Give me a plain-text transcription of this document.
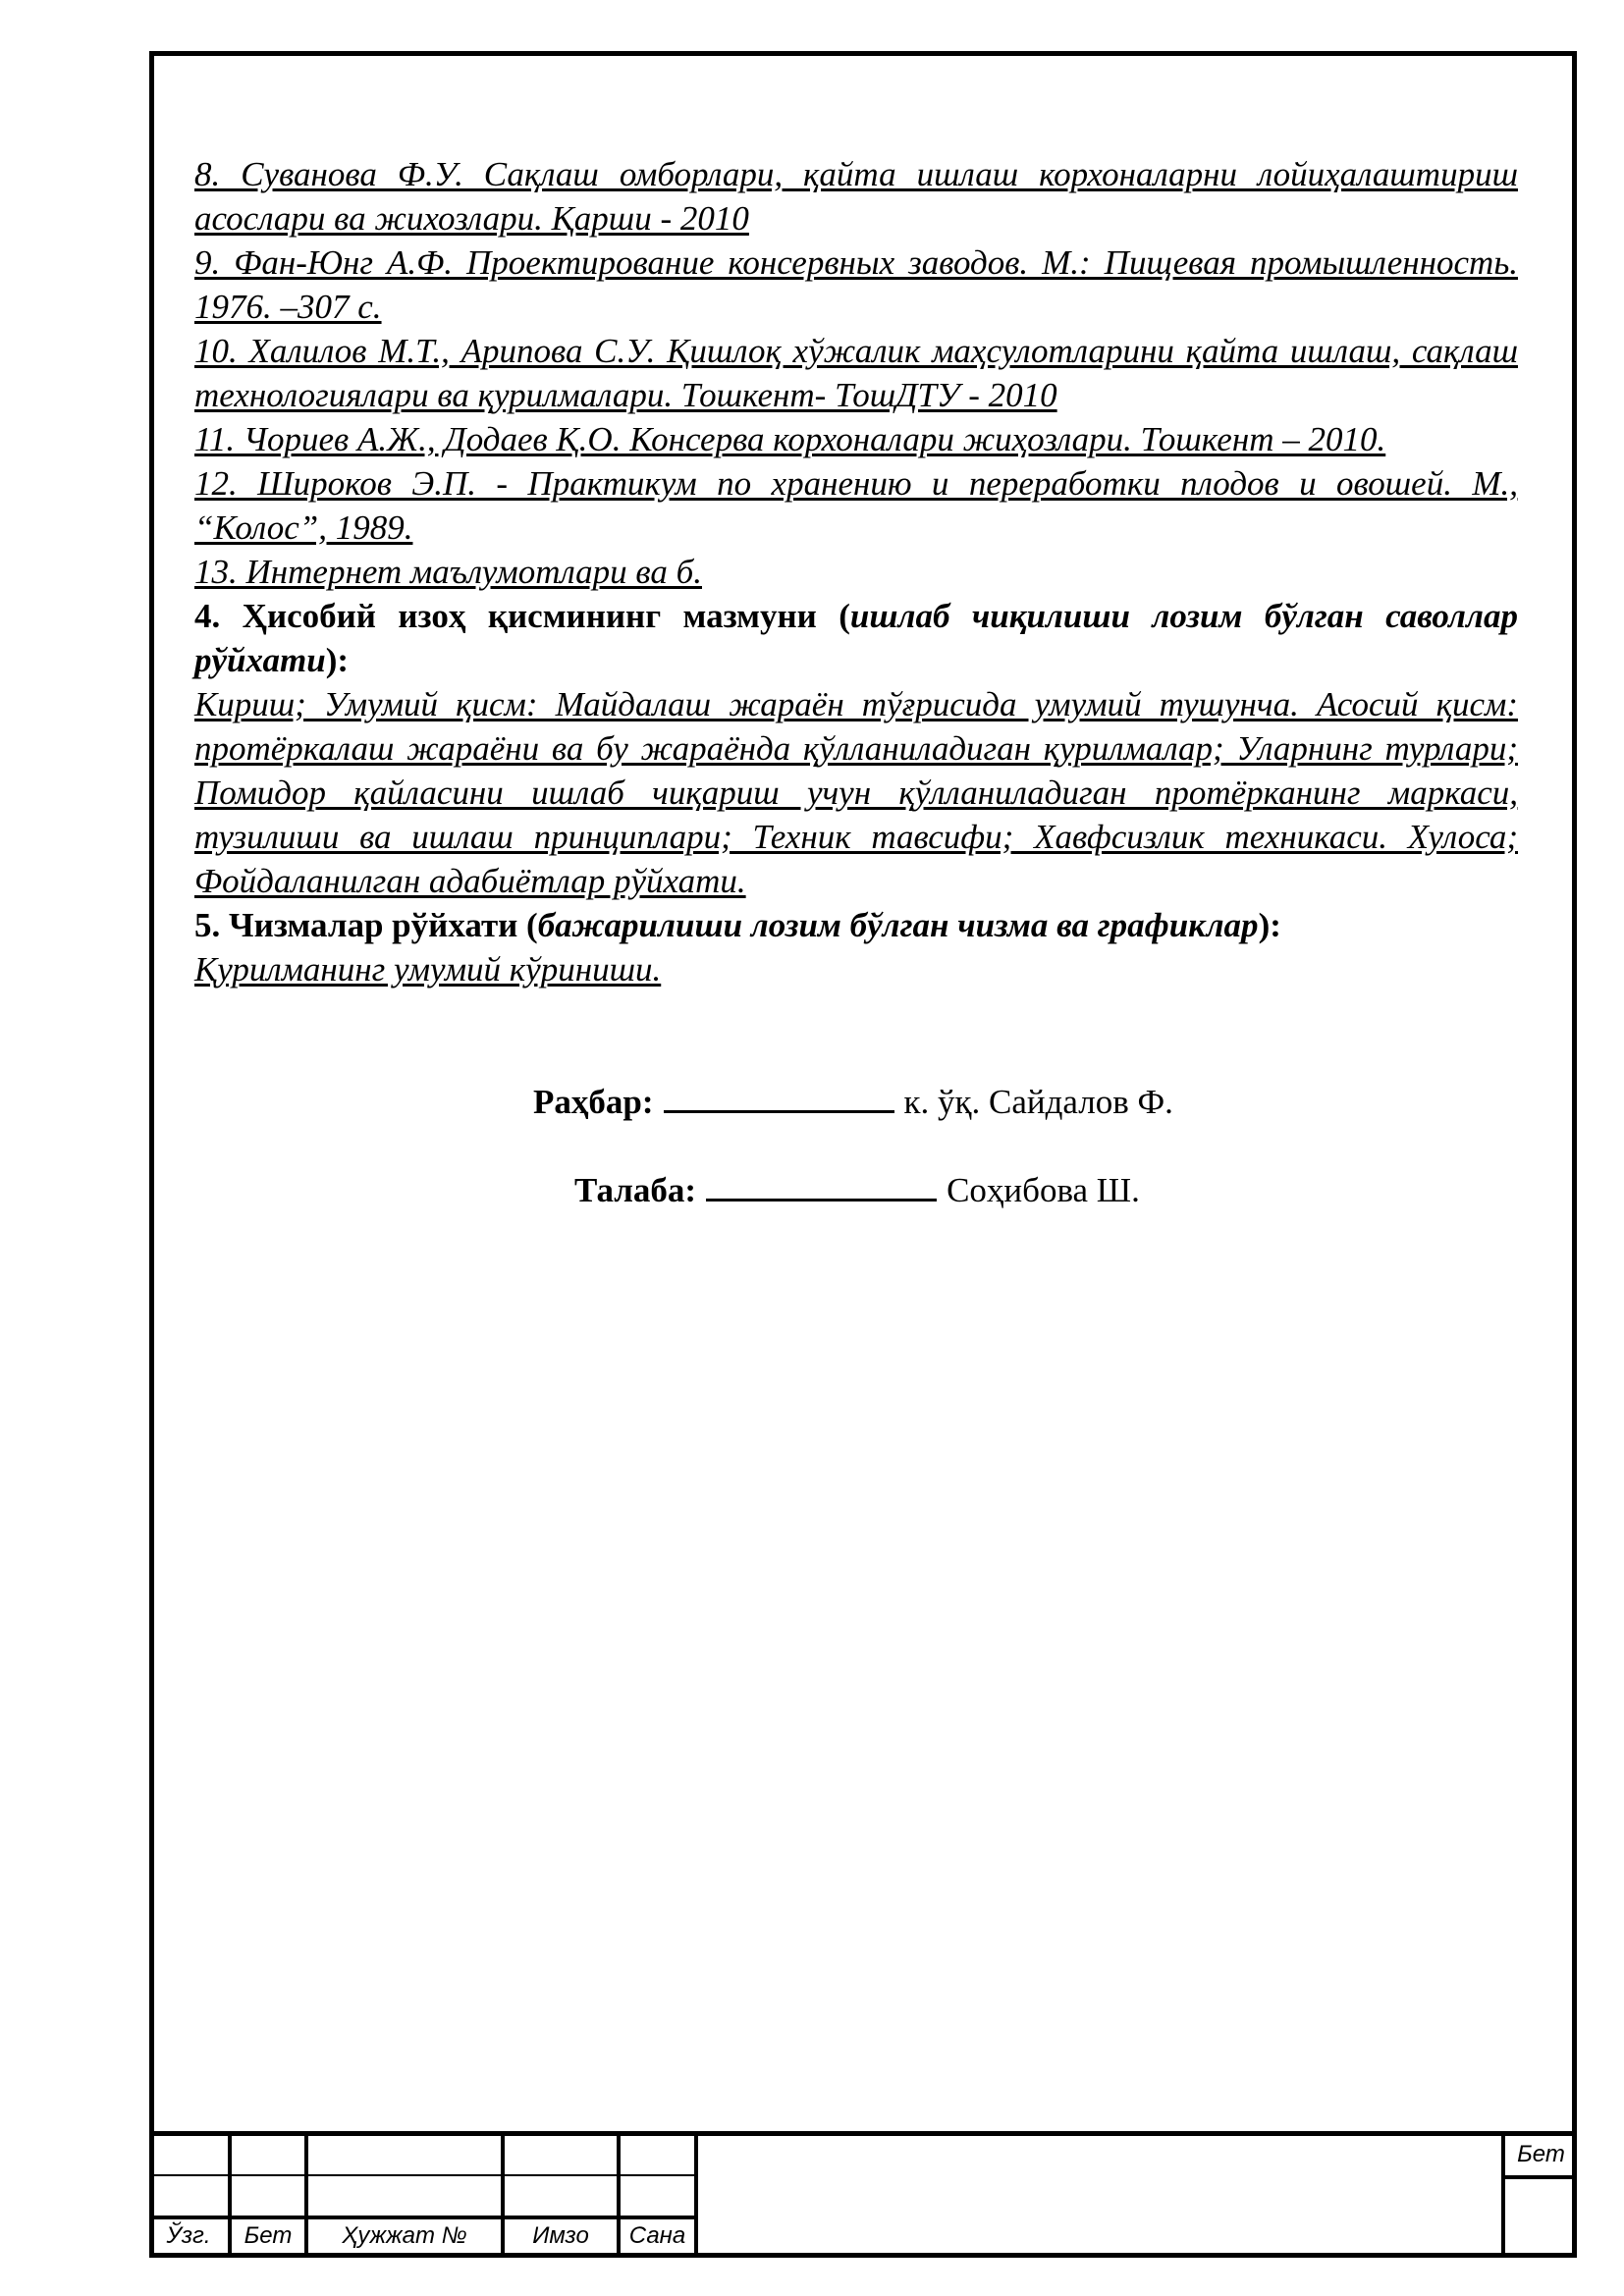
8. Суванова Ф.У. Сақлаш омборлари, қайта ишлаш корхоналарни лойиҳалаштириш асослари ва жихозлари. Қарши - 2010

9. Фан-Юнг А.Ф. Проектирование консервных заводов. М.: Пищевая промышленность. 1976. –307 с.

10. Халилов М.Т., Арипова С.У. Қишлоқ хўжалик маҳсулотларини қайта ишлаш, сақлаш технологиялари ва қурилмалари. Тошкент- ТошДТУ - 2010

11. Чориев А.Ж., Додаев Қ.О. Консерва корхоналари жиҳозлари. Тошкент – 2010.

12. Широков Э.П. - Практикум по хранению и переработки плодов и овошей. М., “Колос”, 1989.

13. Интернет маълумотлари ва б.

4. Ҳисобий изоҳ қисмининг мазмуни (ишлаб чиқилиши лозим бўлган саволлар рўйхати):

Кириш; Умумий қисм: Майдалаш жараён тўғрисида умумий тушунча. Асосий қисм: протёркалаш жараёни ва бу жараёнда қўлланиладиган қурилмалар; Уларнинг турлари; Помидор қайласини ишлаб чиқариш учун қўлланиладиган протёрканинг маркаси, тузилиши ва ишлаш принциплари; Техник тавсифи; Хавфсизлик техникаси. Хулоса; Фойдаланилган адабиётлар рўйхати.

5. Чизмалар рўйхати (бажарилиши лозим бўлган чизма ва графиклар):

Қурилманинг умумий кўриниши.

Раҳбар:	к. ўқ. Сайдалов Ф.
Талаба:	Соҳибова Ш.
Ўзг.	Бет	Ҳужжат №	Имзо	Сана
Бет
